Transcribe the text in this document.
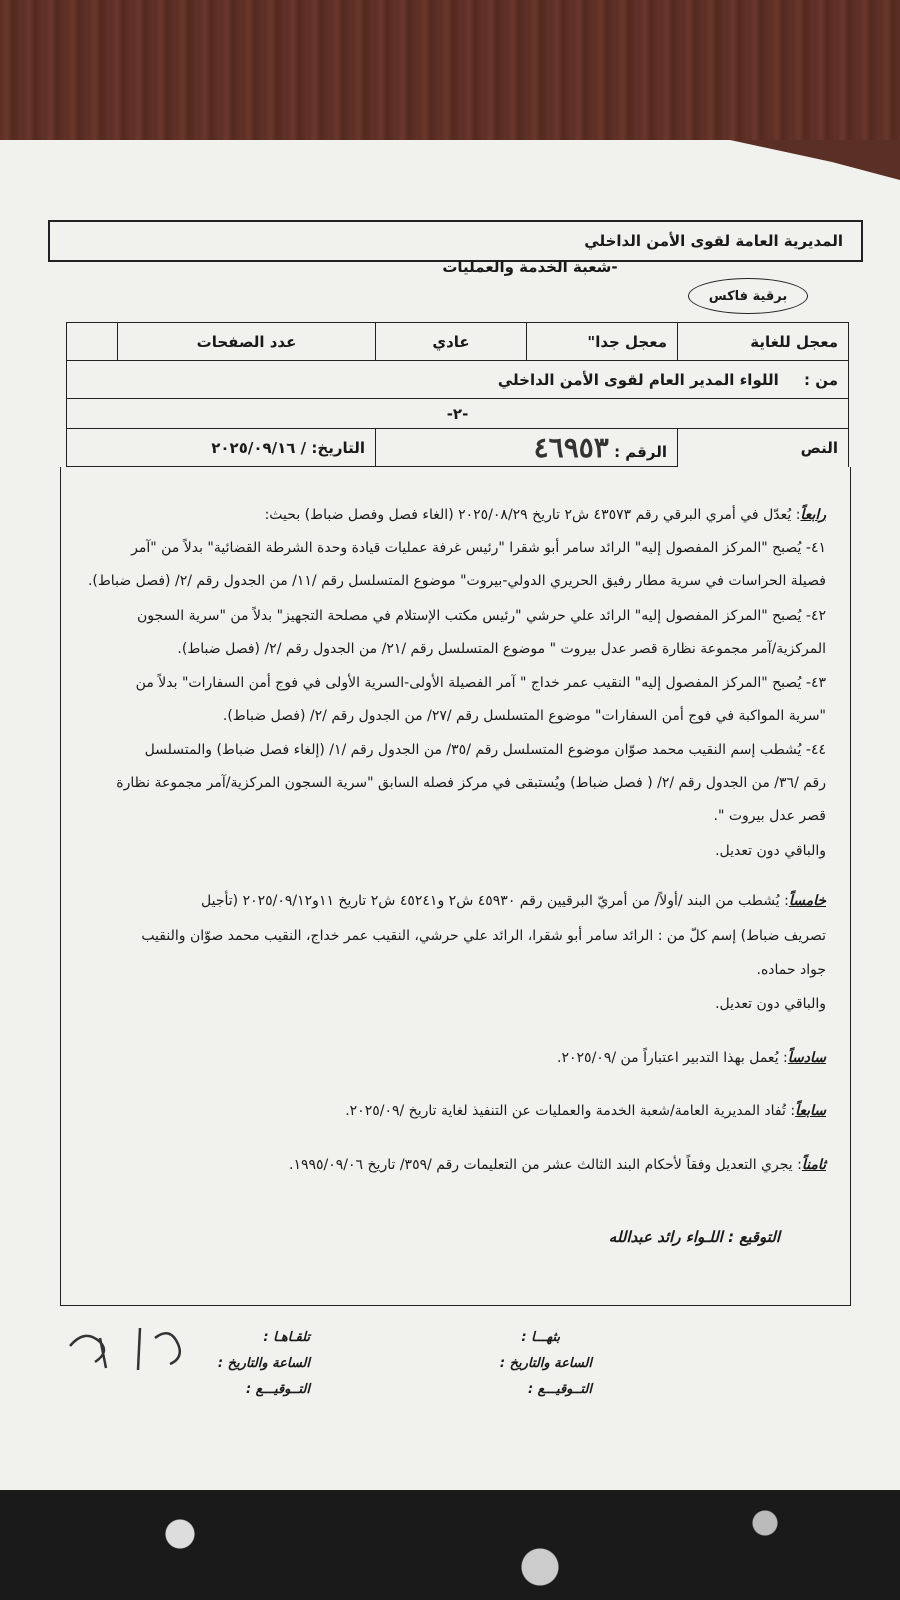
المديرية العامة لقوى الأمن الداخلي
-شعبة الخدمة والعمليات
برقية فاكس
معجل للغاية	معجل جدا"	عادي	عدد الصفحات	
من : اللواء المدير العام لقوى الأمن الداخلي				
-٢-				
النص	الرقم : ٤٦٩٥٣		التاريخ: / ٢٠٢٥/٠٩/١٦	
رابعاً: يُعدّل في أمري البرقي رقم ٤٣٥٧٣ ش٢ تاريخ ٢٠٢٥/٠٨/٢٩ (الغاء فصل وفصل ضباط) بحيث:
٤١- يُصبح "المركز المفصول إليه" الرائد سامر أبو شقرا "رئيس غرفة عمليات قيادة وحدة الشرطة القضائية" بدلاً من "آمر
فصيلة الحراسات في سرية مطار رفيق الحريري الدولي-بيروت" موضوع المتسلسل رقم /١١/ من الجدول رقم /٢/ (فصل ضباط).
٤٢- يُصبح "المركز المفصول إليه" الرائد علي حرشي "رئيس مكتب الإستلام في مصلحة التجهيز" بدلاً من "سرية السجون
المركزية/آمر مجموعة نظارة قصر عدل بيروت " موضوع المتسلسل رقم /٢١/ من الجدول رقم /٢/ (فصل ضباط).
٤٣- يُصبح "المركز المفصول إليه" النقيب عمر خداج " آمر الفصيلة الأولى-السرية الأولى في فوج أمن السفارات" بدلاً من
"سرية المواكبة في فوج أمن السفارات" موضوع المتسلسل رقم /٢٧/ من الجدول رقم /٢/ (فصل ضباط).
٤٤- يُشطب إسم النقيب محمد صوّان موضوع المتسلسل رقم /٣٥/ من الجدول رقم /١/ (إلغاء فصل ضباط) والمتسلسل
رقم /٣٦/ من الجدول رقم /٢/ ( فصل ضباط) ويُستبقى في مركز فصله السابق "سرية السجون المركزية/آمر مجموعة نظارة
قصر عدل بيروت ".
والباقي دون تعديل.
خامساً: يُشطب من البند /أولاً/ من أمريّ البرقيين رقم ٤٥٩٣٠ ش٢ و٤٥٢٤١ ش٢ تاريخ ١١و٢٠٢٥/٠٩/١٢ (تأجيل
تصريف ضباط) إسم كلّ من : الرائد سامر أبو شقرا، الرائد علي حرشي، النقيب عمر خداج، النقيب محمد صوّان والنقيب
جواد حماده.
والباقي دون تعديل.
سادساً: يُعمل بهذا التدبير اعتباراً من /٢٠٢٥/٠٩.
سابعاً: تُفاد المديرية العامة/شعبة الخدمة والعمليات عن التنفيذ لغاية تاريخ /٢٠٢٥/٠٩.
ثامناً: يجري التعديل وفقاً لأحكام البند الثالث عشر من التعليمات رقم /٣٥٩/ تاريخ ١٩٩٥/٠٩/٠٦.
التوقيع : اللـواء رائد عبدالله
بثهـــا :
الساعة والتاريخ :
التــوقيـــع :
تلقـاهـا :
الساعة والتاريخ :
التــوقيـــع :
